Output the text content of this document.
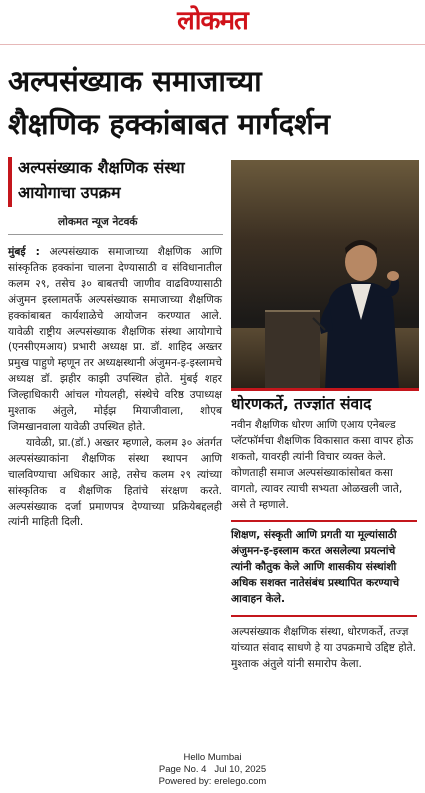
लोकमत
अल्पसंख्याक समाजाच्या
शैक्षणिक हक्कांबाबत मार्गदर्शन
अल्पसंख्याक शैक्षणिक संस्था आयोगाचा उपक्रम
लोकमत न्यूज नेटवर्क

मुंबई : अल्पसंख्याक समाजाच्या शैक्षणिक आणि सांस्कृतिक हक्कांना चालना देण्यासाठी व संविधानातील कलम २९, तसेच ३० बाबतची जाणीव वाढविण्यासाठी अंजुमन इस्लामतर्फे अल्पसंख्याक समाजाच्या शैक्षणिक हक्कांबाबत कार्यशाळेचे आयोजन करण्यात आले. यावेळी राष्ट्रीय अल्पसंख्याक शैक्षणिक संस्था आयोगाचे (एनसीएमआय) प्रभारी अध्यक्ष प्रा. डॉ. शाहिद अख्तर प्रमुख पाहुणे म्हणून तर अध्यक्षस्थानी अंजुमन-इ-इस्लामचे अध्यक्ष डॉ. झहीर काझी उपस्थित होते. मुंबई शहर जिल्हाधिकारी आंचल गोयलही, संस्थेचे वरिष्ठ उपाध्यक्ष मुश्ताक अंतुले, मोईझ मियाजीवाला, शोएब जिमखानवाला यावेळी उपस्थित होते.

यावेळी, प्रा.(डॉ.) अख्तर म्हणाले, कलम ३० अंतर्गत अल्पसंख्याकांना शैक्षणिक संस्था स्थापन आणि चालविण्याचा अधिकार आहे, तसेच कलम २९ त्यांच्या सांस्कृतिक व शैक्षणिक हितांचे संरक्षण करते. अल्पसंख्याक दर्जा प्रमाणपत्र देण्याच्या प्रक्रियेबद्दलही त्यांनी माहिती दिली.

धोरणकर्ते, तज्ज्ञांत संवाद

नवीन शैक्षणिक धोरण आणि एआय एनेबल्ड प्लॅटफॉर्मचा शैक्षणिक विकासात कसा वापर होऊ शकतो, यावरही त्यांनी विचार व्यक्त केले. कोणताही समाज अल्पसंख्याकांसोबत कसा वागतो, त्यावर त्याची सभ्यता ओळखली जाते, असे ते म्हणाले.

शिक्षण, संस्कृती आणि प्रगती या मूल्यांसाठी अंजुमन-इ-इस्लाम करत असलेल्या प्रयत्नांचे त्यांनी कौतुक केले आणि शासकीय संस्थांशी अधिक सशक्त नातेसंबंध प्रस्थापित करण्याचे आवाहन केले.

अल्पसंख्याक शैक्षणिक संस्था, धोरणकर्ते, तज्ज्ञ यांच्यात संवाद साधणे हे या उपक्रमाचे उद्दिष्ट होते. मुश्ताक अंतुले यांनी समारोप केला.

Hello Mumbai
Page No. 4   Jul 10, 2025
Powered by: erelego.com
